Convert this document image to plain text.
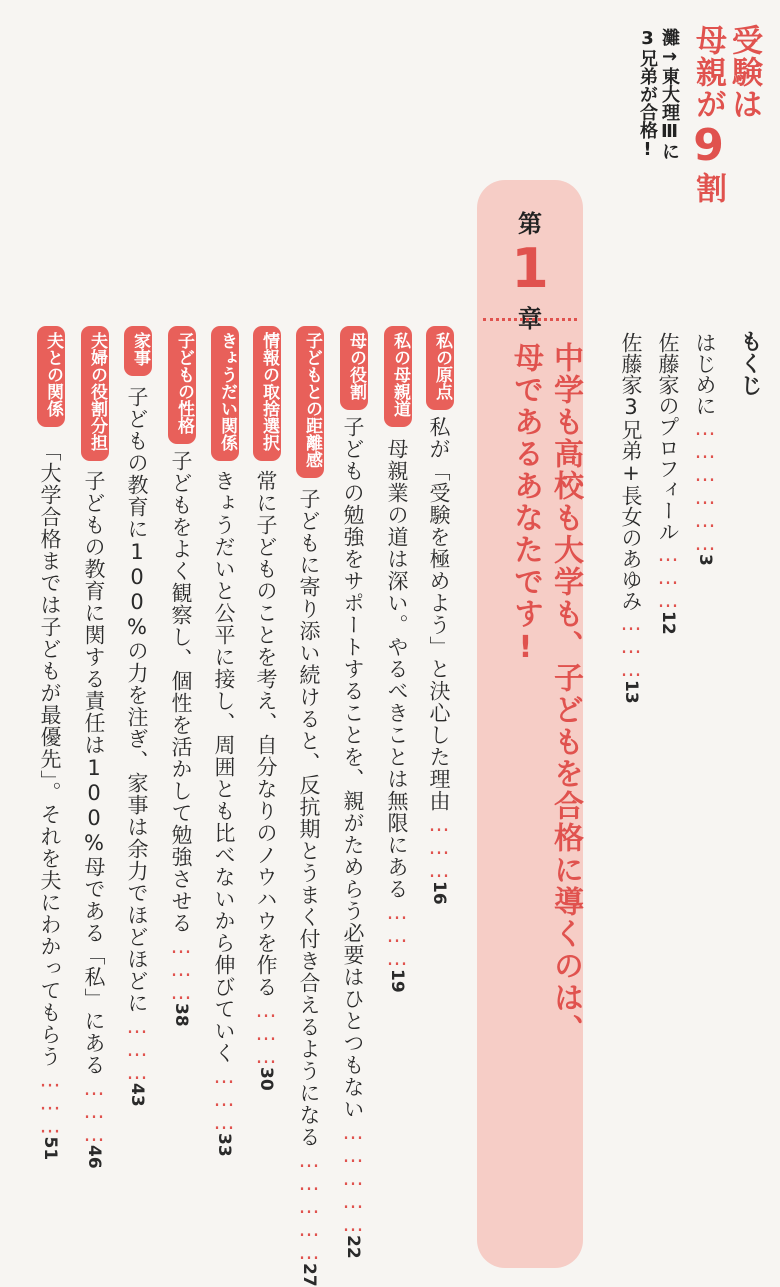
受験は
母親が9割
灘→東大理Ⅲに
3兄弟が合格!
もくじ
はじめに………………3
佐藤家のプロフィール………12
佐藤家3兄弟+長女のあゆみ………13
第
1
章
中学も高校も大学も、子どもを合格に導くのは、
母であるあなたです!
私の原点
私が「受験を極めよう」と決心した理由………16
私の母親道
母親業の道は深い。やるべきことは無限にある………19
母の役割
子どもの勉強をサポートすることを、親がためらう必要はひとつもない……………22
子どもとの距離感
子どもに寄り添い続けると、反抗期とうまく付き合えるようになる……………27
情報の取捨選択
常に子どものことを考え、自分なりのノウハウを作る………30
きょうだい関係
きょうだいと公平に接し、周囲とも比べないから伸びていく………33
子どもの性格
子どもをよく観察し、個性を活かして勉強させる………38
家事
子どもの教育に100%の力を注ぎ、家事は余力でほどほどに………43
夫婦の役割分担
子どもの教育に関する責任は100%母である「私」にある………46
夫との関係
「大学合格までは子どもが最優先」。それを夫にわかってもらう………51
